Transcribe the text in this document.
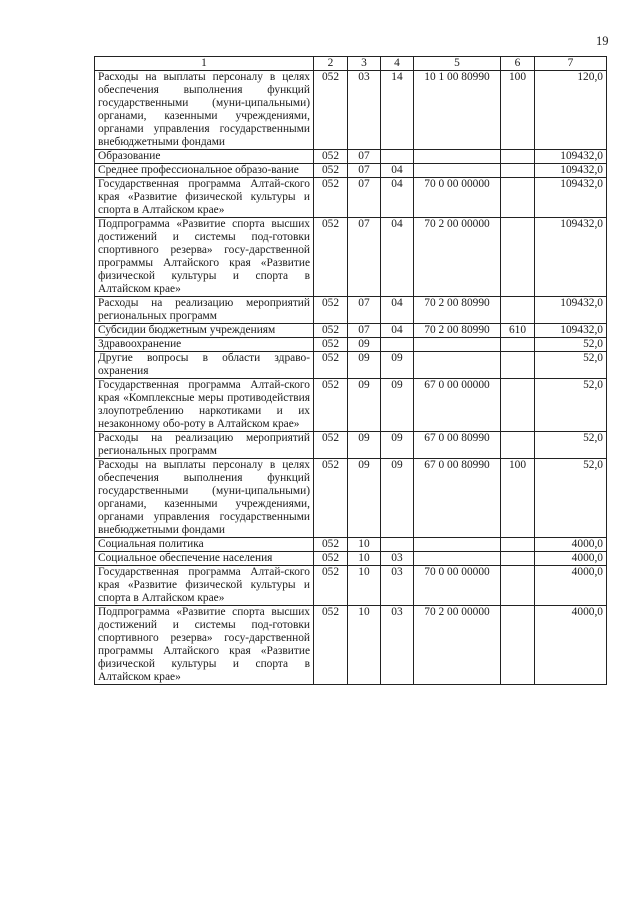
19
1	2	3	4	5	6	7
Расходы на выплаты персоналу в целях обеспечения выполнения функций государственными (муни-ципальными) органами, казенными учреждениями, органами управления государственными внебюджетными фондами	052	03	14	10 1 00 80990	100	120,0
Образование	052	07				109432,0
Среднее профессиональное образо-вание	052	07	04			109432,0
Государственная программа Алтай-ского края «Развитие физической культуры и спорта в Алтайском крае»	052	07	04	70 0 00 00000		109432,0
Подпрограмма «Развитие спорта высших достижений и системы под-готовки спортивного резерва» госу-дарственной программы Алтайского края «Развитие физической культуры и спорта в Алтайском крае»	052	07	04	70 2 00 00000		109432,0
Расходы на реализацию мероприятий региональных программ	052	07	04	70 2 00 80990		109432,0
Субсидии бюджетным учреждениям	052	07	04	70 2 00 80990	610	109432,0
Здравоохранение	052	09				52,0
Другие вопросы в области здраво-охранения	052	09	09			52,0
Государственная программа Алтай-ского края «Комплексные меры противодействия злоупотреблению наркотиками и их незаконному обо-роту в Алтайском крае»	052	09	09	67 0 00 00000		52,0
Расходы на реализацию мероприятий региональных программ	052	09	09	67 0 00 80990		52,0
Расходы на выплаты персоналу в целях обеспечения выполнения функций государственными (муни-ципальными) органами, казенными учреждениями, органами управления государственными внебюджетными фондами	052	09	09	67 0 00 80990	100	52,0
Социальная политика	052	10				4000,0
Социальное обеспечение населения	052	10	03			4000,0
Государственная программа Алтай-ского края «Развитие физической культуры и спорта в Алтайском крае»	052	10	03	70 0 00 00000		4000,0
Подпрограмма «Развитие спорта высших достижений и системы под-готовки спортивного резерва» госу-дарственной программы Алтайского края «Развитие физической культуры и спорта в Алтайском крае»	052	10	03	70 2 00 00000		4000,0
